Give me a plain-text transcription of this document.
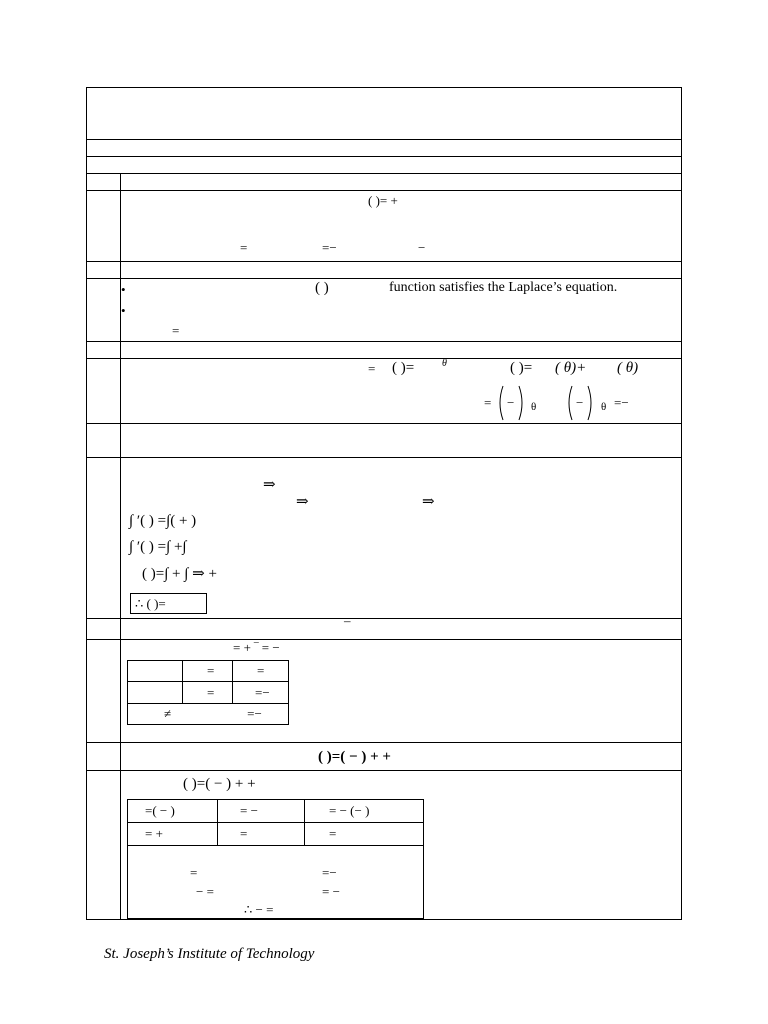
( )= +
=	=−	−
•	( )	function satisfies the Laplace’s equation.
•
=
= ( )=	θ	( )= ( θ)+ ( θ)
= − θ	− θ =−
⇒
⇒	⇒
∫ ′( ) =∫( + )
∫ ′( ) =∫ +∫
( )=∫ + ∫ ⇒ +
∴ ( )=
–
= + ‾ = −
	=	=
	=	=−
≠ =−		
( )=( − ) + +
( )=( − ) + +
=( − )	= −	= − (− )
= +	=	=

=	=−
− =	= −
∴ − =
St. Joseph’s Institute of Technology
